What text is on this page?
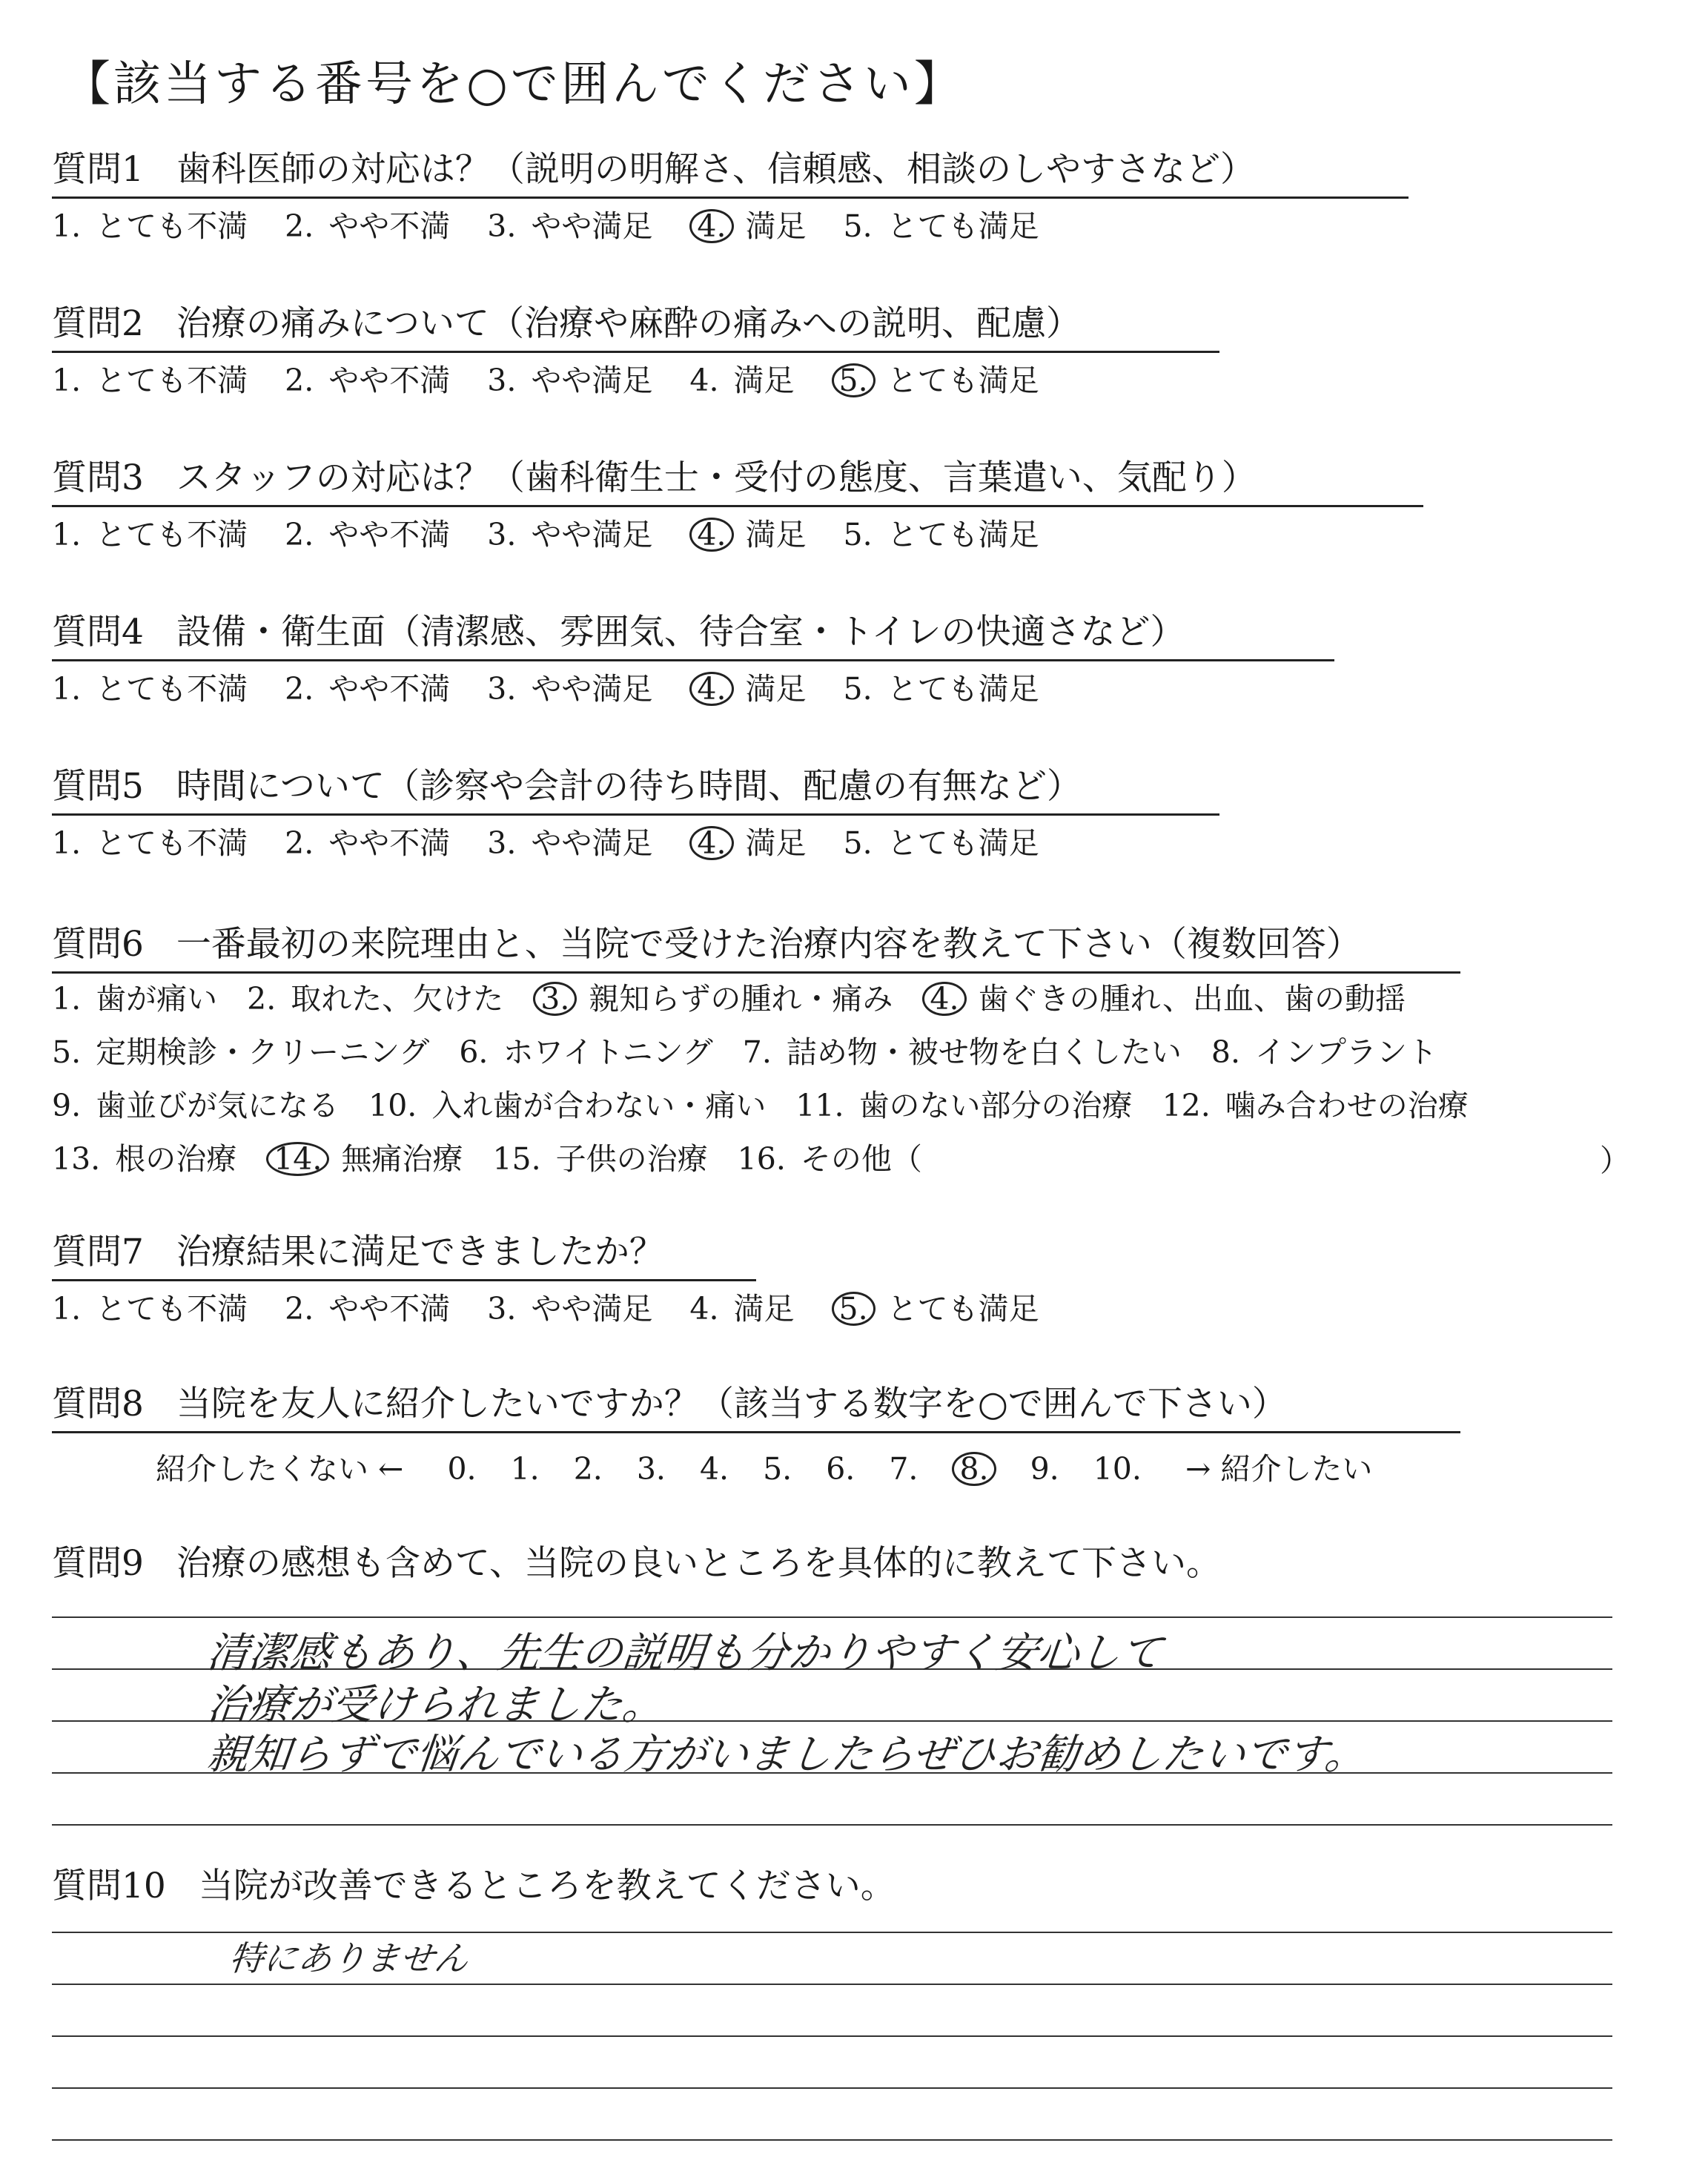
【該当する番号を○で囲んでください】
質問1 歯科医師の対応は？（説明の明解さ、信頼感、相談のしやすさなど）
1. とても不満 2. やや不満 3. やや満足 4. 満足 5. とても満足
質問2 治療の痛みについて（治療や麻酔の痛みへの説明、配慮）
1. とても不満 2. やや不満 3. やや満足 4. 満足 5. とても満足
質問3 スタッフの対応は？（歯科衛生士・受付の態度、言葉遣い、気配り）
1. とても不満 2. やや不満 3. やや満足 4. 満足 5. とても満足
質問4 設備・衛生面（清潔感、雰囲気、待合室・トイレの快適さなど）
1. とても不満 2. やや不満 3. やや満足 4. 満足 5. とても満足
質問5 時間について（診察や会計の待ち時間、配慮の有無など）
1. とても不満 2. やや不満 3. やや満足 4. 満足 5. とても満足
質問6 一番最初の来院理由と、当院で受けた治療内容を教えて下さい（複数回答）
1. 歯が痛い 2. 取れた、欠けた 3. 親知らずの腫れ・痛み 4. 歯ぐきの腫れ、出血、歯の動揺
5. 定期検診・クリーニング 6. ホワイトニング 7. 詰め物・被せ物を白くしたい 8. インプラント
9. 歯並びが気になる 10. 入れ歯が合わない・痛い 11. 歯のない部分の治療 12. 噛み合わせの治療
13. 根の治療 14. 無痛治療 15. 子供の治療 16. その他（	）
質問7 治療結果に満足できましたか？
1. とても不満 2. やや不満 3. やや満足 4. 満足 5. とても満足
質問8 当院を友人に紹介したいですか？（該当する数字を○で囲んで下さい）
紹介したくない ← 0. 1. 2. 3. 4. 5. 6. 7. 8. 9. 10. → 紹介したい
質問9 治療の感想も含めて、当院の良いところを具体的に教えて下さい。
清潔感もあり、先生の説明も分かりやすく安心して
治療が受けられました。
親知らずで悩んでいる方がいましたらぜひお勧めしたいです。
質問10 当院が改善できるところを教えてください。
特にありません
